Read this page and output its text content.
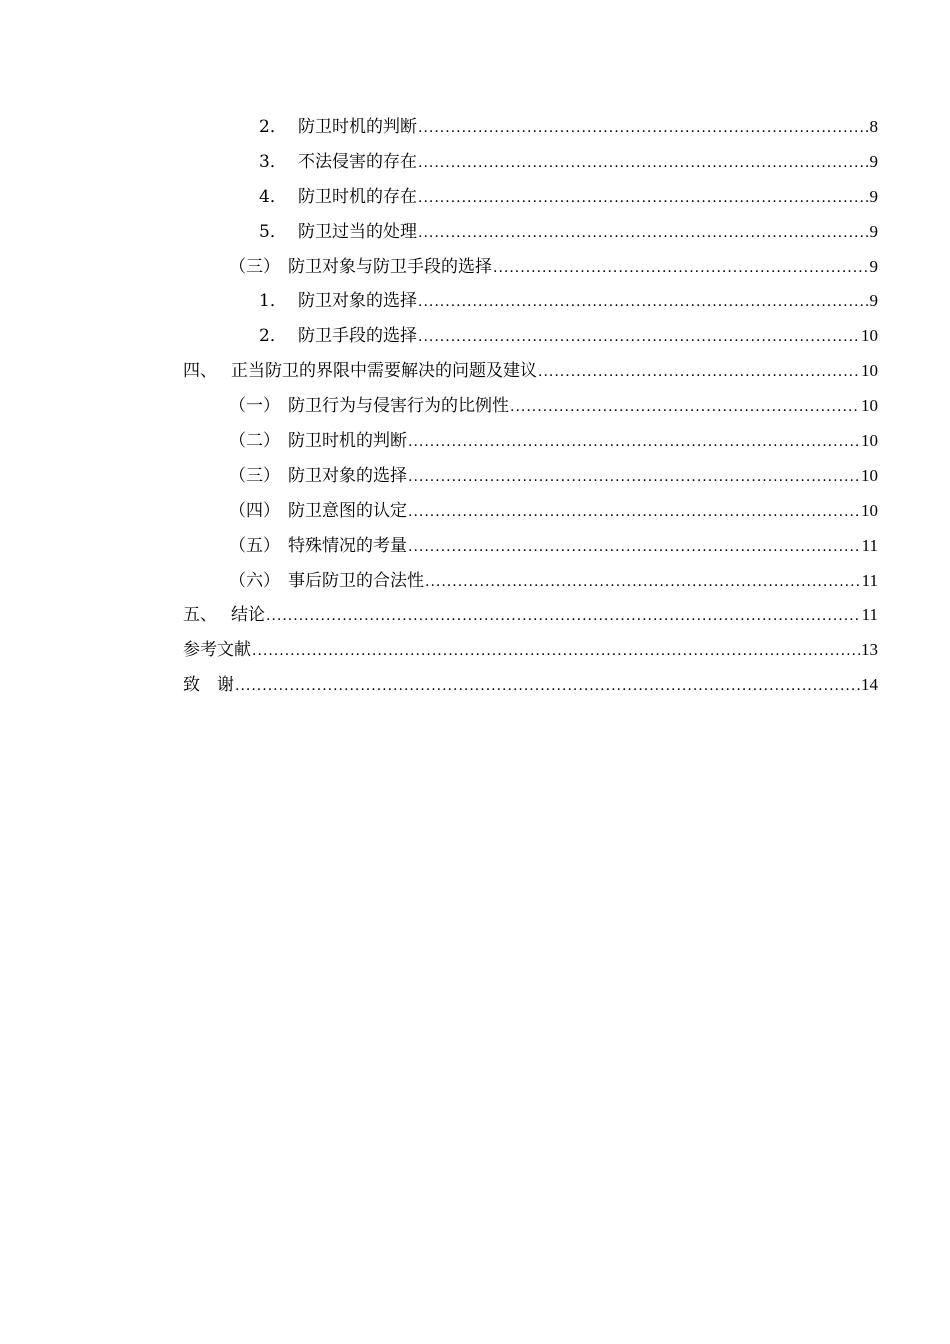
2． 防卫时机的判断 .....	8
3． 不法侵害的存在 .....	9
4． 防卫时机的存在 .....	9
5． 防卫过当的处理 .....	9
（三） 防卫对象与防卫手段的选择 .....	9
1． 防卫对象的选择 .....	9
2． 防卫手段的选择 .....	10
四、 正当防卫的界限中需要解决的问题及建议 .....	10
（一） 防卫行为与侵害行为的比例性 .....	10
（二） 防卫时机的判断 .....	10
（三） 防卫对象的选择 .....	10
（四） 防卫意图的认定 .....	10
（五） 特殊情况的考量 .....	11
（六） 事后防卫的合法性 .....	11
五、 结论 .....	11
参考文献 .....	13
致　谢 .....	14
